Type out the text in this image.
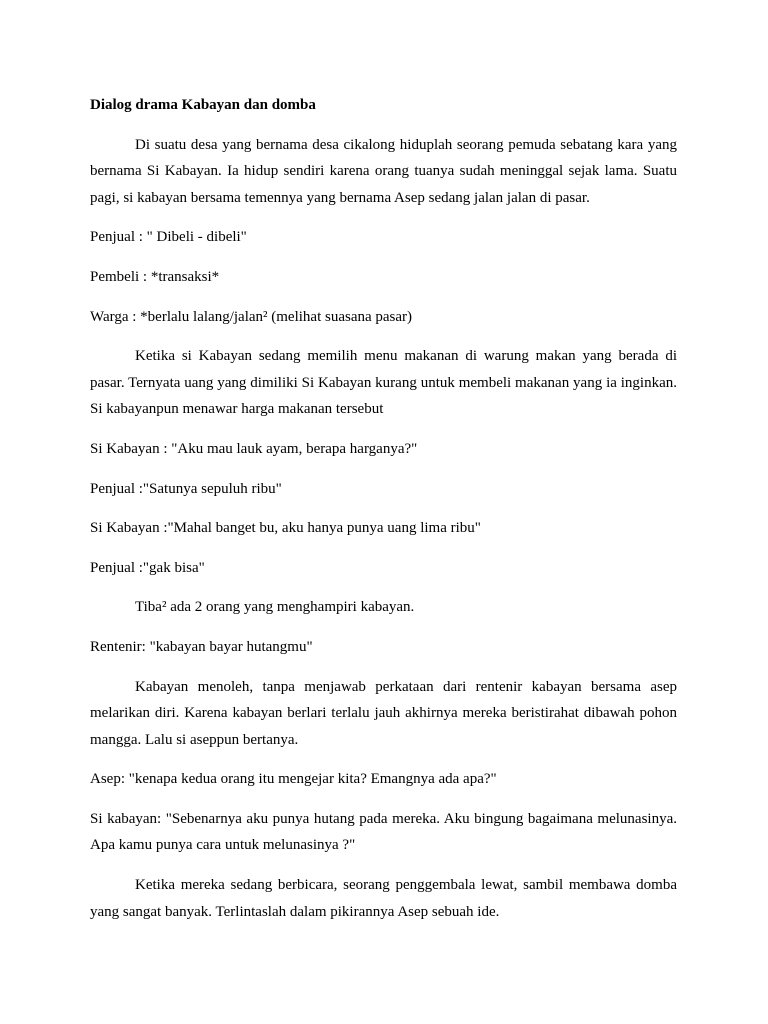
Dialog drama Kabayan dan domba

Di suatu desa yang bernama desa cikalong hiduplah seorang pemuda sebatang kara yang bernama Si Kabayan. Ia hidup sendiri karena orang tuanya sudah meninggal sejak lama. Suatu pagi, si kabayan bersama temennya yang bernama Asep sedang jalan jalan di pasar.

Penjual : " Dibeli - dibeli"

Pembeli : *transaksi*

Warga : *berlalu lalang/jalan² (melihat suasana pasar)

Ketika si Kabayan sedang memilih menu makanan di warung makan yang berada di pasar. Ternyata uang yang dimiliki Si Kabayan kurang untuk membeli makanan yang ia inginkan. Si kabayanpun menawar harga makanan tersebut

Si Kabayan : "Aku mau lauk ayam, berapa harganya?"

Penjual :"Satunya sepuluh ribu"

Si Kabayan :"Mahal banget bu, aku hanya punya uang lima ribu"

Penjual :"gak bisa"

Tiba² ada 2 orang yang menghampiri kabayan.

Rentenir: "kabayan bayar hutangmu"

Kabayan menoleh, tanpa menjawab perkataan dari rentenir kabayan bersama asep melarikan diri. Karena kabayan berlari terlalu jauh akhirnya mereka beristirahat dibawah pohon mangga. Lalu si aseppun bertanya.

Asep: "kenapa kedua orang itu mengejar kita? Emangnya ada apa?"

Si kabayan: "Sebenarnya aku punya hutang pada mereka. Aku bingung bagaimana melunasinya. Apa kamu punya cara untuk melunasinya ?"

Ketika mereka sedang berbicara, seorang penggembala lewat, sambil membawa domba yang sangat banyak. Terlintaslah dalam pikirannya Asep sebuah ide.
